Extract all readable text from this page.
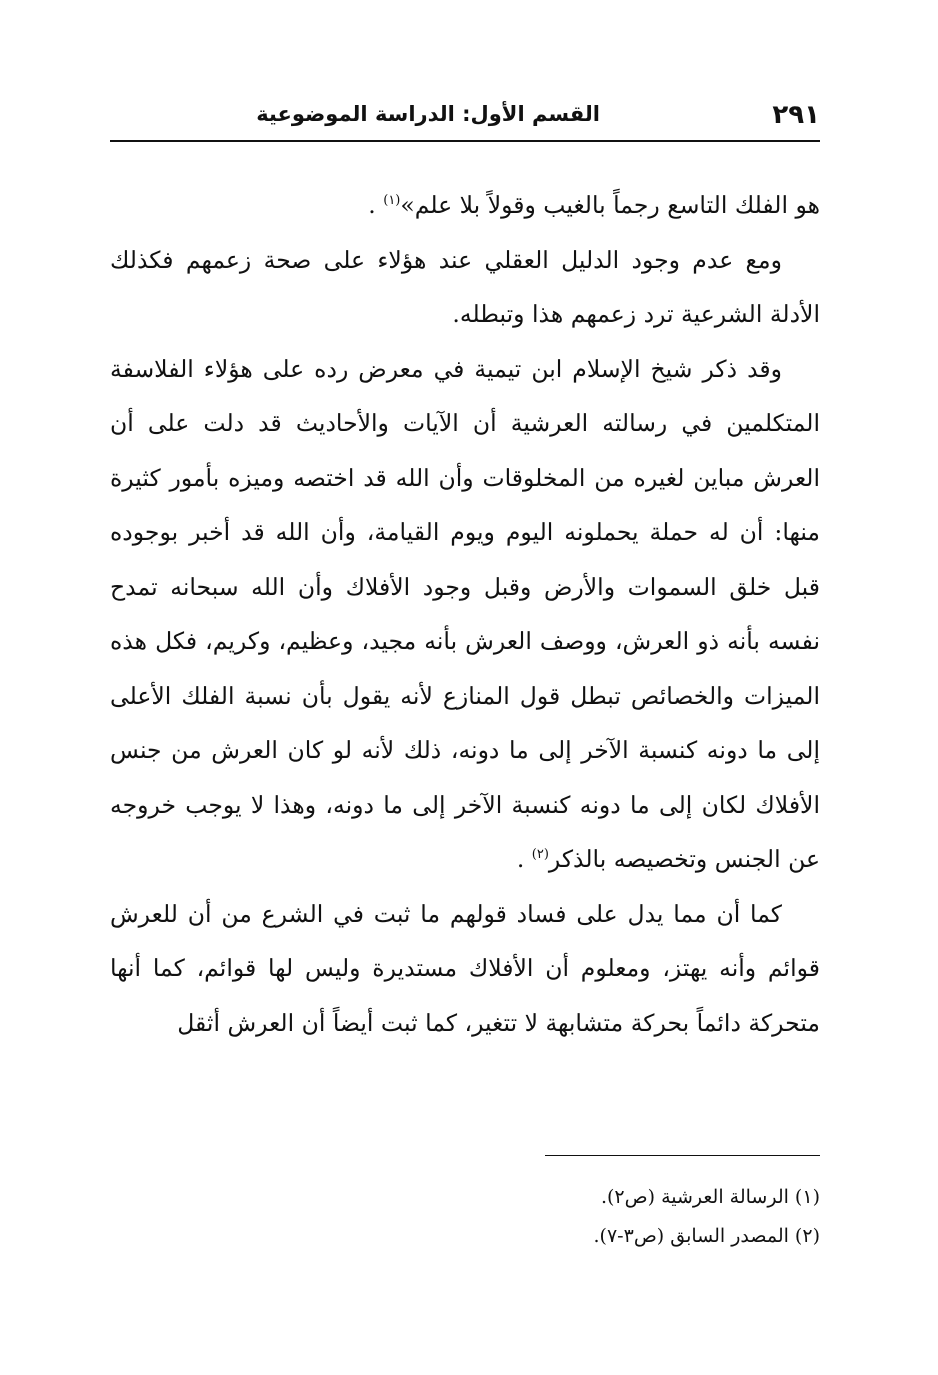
٢٩١
القسم الأول: الدراسة الموضوعية

هو الفلك التاسع رجماً بالغيب وقولاً بلا علم»$^{(١)}$ .

ومع عدم وجود الدليل العقلي عند هؤلاء على صحة زعمهم فكذلك الأدلة الشرعية ترد زعمهم هذا وتبطله.

وقد ذكر شيخ الإسلام ابن تيمية في معرض رده على هؤلاء الفلاسفة المتكلمين في رسالته العرشية أن الآيات والأحاديث قد دلت على أن العرش مباين لغيره من المخلوقات وأن الله قد اختصه وميزه بأمور كثيرة منها: أن له حملة يحملونه اليوم ويوم القيامة، وأن الله قد أخبر بوجوده قبل خلق السموات والأرض وقبل وجود الأفلاك وأن الله سبحانه تمدح نفسه بأنه ذو العرش، ووصف العرش بأنه مجيد، وعظيم، وكريم، فكل هذه الميزات والخصائص تبطل قول المنازع لأنه يقول بأن نسبة الفلك الأعلى إلى ما دونه كنسبة الآخر إلى ما دونه، ذلك لأنه لو كان العرش من جنس الأفلاك لكان إلى ما دونه كنسبة الآخر إلى ما دونه، وهذا لا يوجب خروجه عن الجنس وتخصيصه بالذكر$^{(٢)}$ .

كما أن مما يدل على فساد قولهم ما ثبت في الشرع من أن للعرش قوائم وأنه يهتز، ومعلوم أن الأفلاك مستديرة وليس لها قوائم، كما أنها متحركة دائماً بحركة متشابهة لا تتغير، كما ثبت أيضاً أن العرش أثقل

(١) الرسالة العرشية (ص٢).

(٢) المصدر السابق (ص٣-٧).
